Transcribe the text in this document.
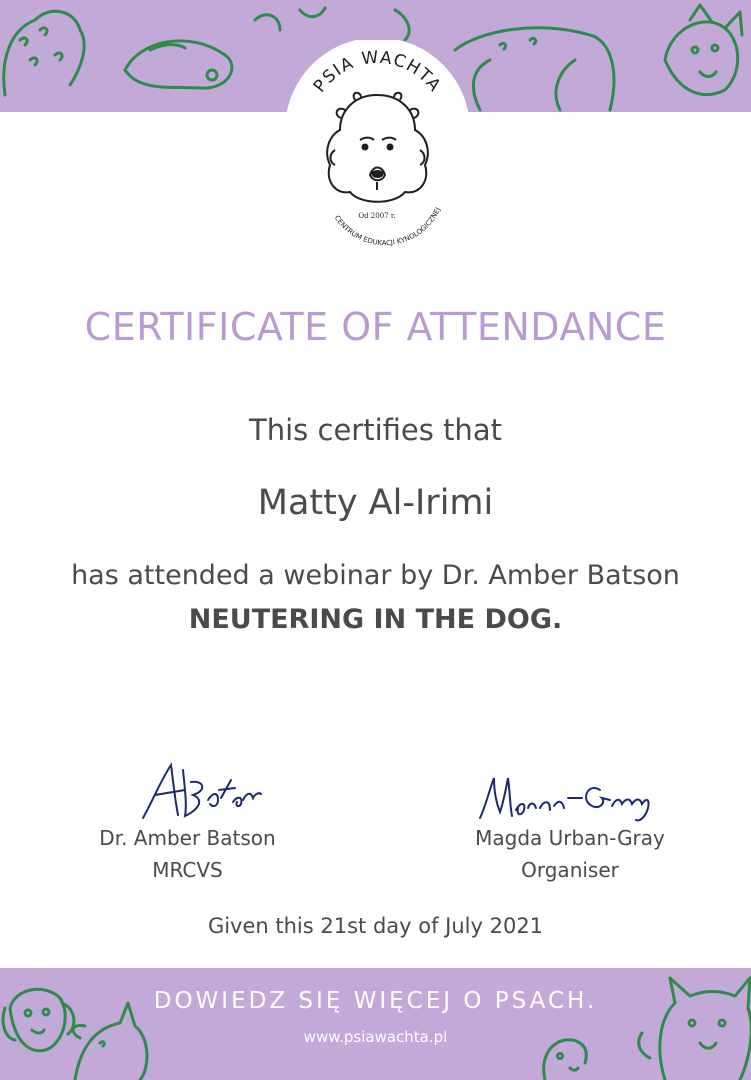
PSIA WACHTA
Od 2007 r.
CENTRUM EDUKACJI KYNOLOGICZNEJ
CERTIFICATE OF ATTENDANCE
This certifies that
Matty Al-Irimi
has attended a webinar by Dr. Amber Batson
NEUTERING IN THE DOG.
Dr. Amber Batson
MRCVS
Magda Urban-Gray
Organiser
Given this 21st day of July 2021
DOWIEDZ SIĘ WIĘCEJ O PSACH.
www.psiawachta.pl
